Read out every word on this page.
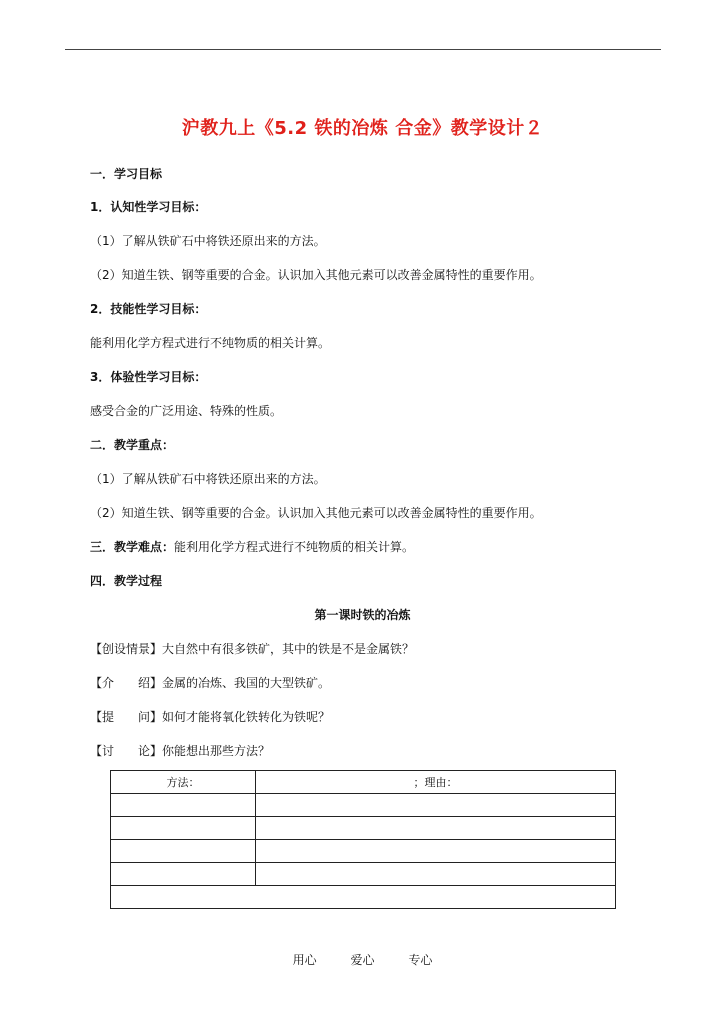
沪教九上《5.2 铁的冶炼 合金》教学设计２
一．学习目标
1．认知性学习目标：
（1）了解从铁矿石中将铁还原出来的方法。
（2）知道生铁、钢等重要的合金。认识加入其他元素可以改善金属特性的重要作用。
2．技能性学习目标：
能利用化学方程式进行不纯物质的相关计算。
3．体验性学习目标：
感受合金的广泛用途、特殊的性质。
二．教学重点：
（1）了解从铁矿石中将铁还原出来的方法。
（2）知道生铁、钢等重要的合金。认识加入其他元素可以改善金属特性的重要作用。
三．教学难点：能利用化学方程式进行不纯物质的相关计算。
四．教学过程
第一课时铁的冶炼
【创设情景】大自然中有很多铁矿，其中的铁是不是金属铁？
【介　　绍】金属的冶炼、我国的大型铁矿。
【提　　问】如何才能将氧化铁转化为铁呢？
【讨　　论】你能想出那些方法？
方法：	；理由：

用心	爱心	专心
